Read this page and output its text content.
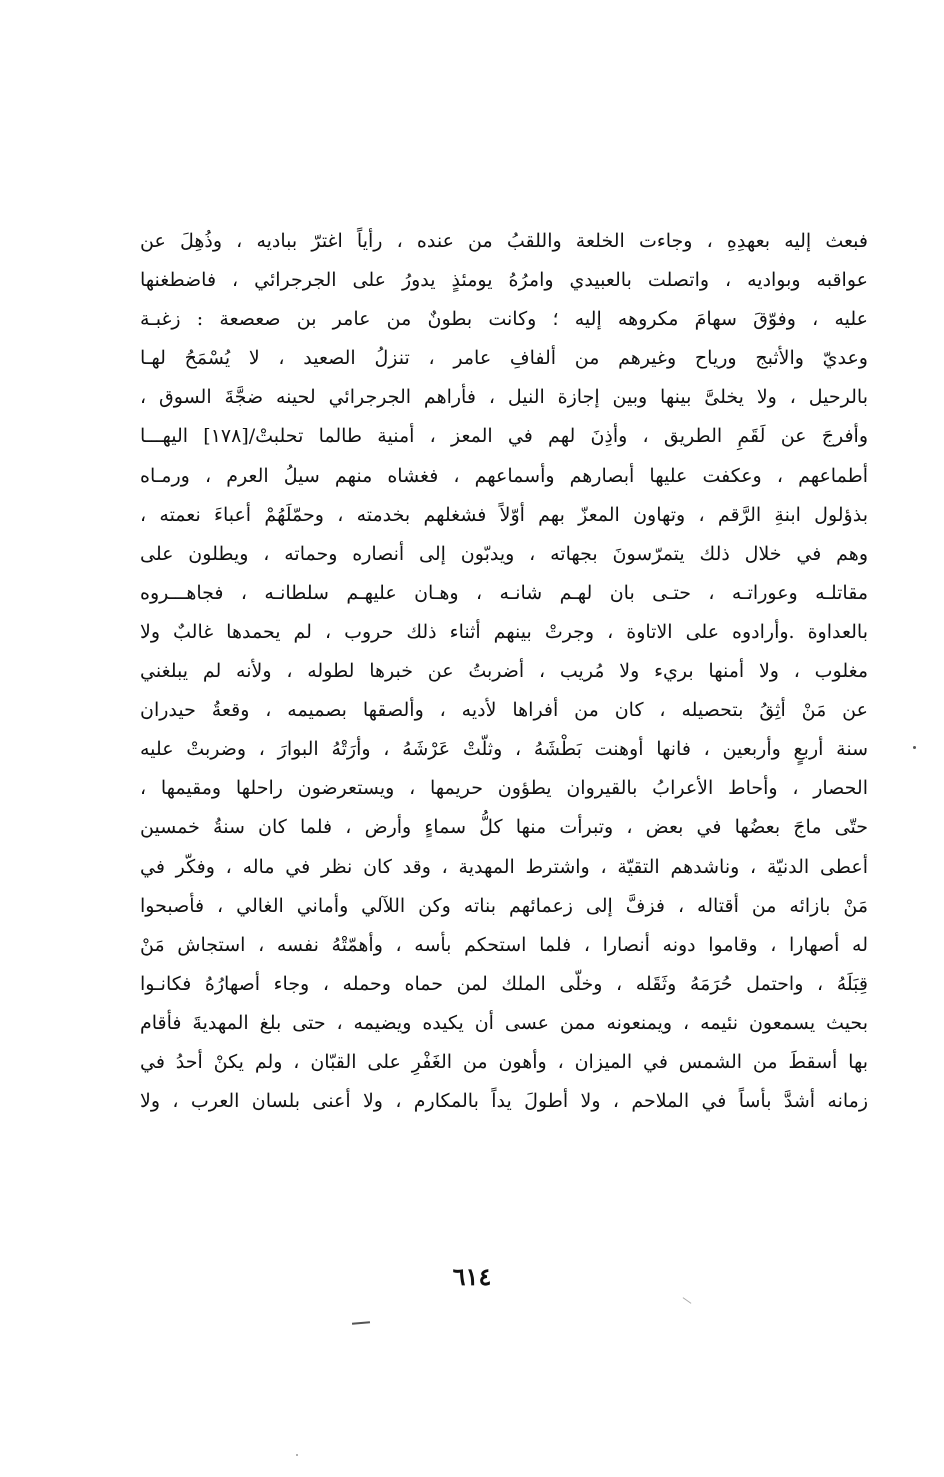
فبعث إليه بعهدِهِ ، وجاءت الخلعة واللقبُ من عنده ، رأياً اغترّ ببادیه ، وذُهِلَ عن
عواقبه وبوادیه ، واتصلت بالعبیدي وامرُهُ یومئذٍ یدورُ علی الجرجرائي ، فاضطغنها
علیه ، وفوّقَ سهامَ مكروهه إلیه ؛ وكانت بطونٌ من عامر بن صعصعة : زغبـة
وعديّ والأثبج ورياح وغيرهم من ألفافِ عامر ، تنزلُ الصعید ، لا یُسْمَحُ لهـا
بالرحیل ، ولا یخلیَّ بینها وبین إجازة النیل ، فأراهم الجرجرائي لحینه ضجَّةَ السوق ،
وأفرجَ عن لَقَمِ الطریق ، وأذِنَ لهم في المعز ، أمنیة طالما تحلبتْ/[۱۷۸] الیهـــا
أطماعهم ، وعكفت علیها أبصارهم وأسماعهم ، فغشاه منهم سیلُ العرم ، ورمـاه
بذؤلول ابنةِ الرَّقم ، وتهاون المعزّ بهم أوّلاً فشغلهم بخدمته ، وحمّلَهُمْ أعباءَ نعمته ،
وهم في خلال ذلك یتمرّسونَ بجهاته ، ویدبّون إلی أنصاره وحماته ، ویطلون علی
مقاتلـه وعوراتـه ، حتـی بان لهـم شانـه ، وهـان علیهـم سلطانـه ، فجاهـــروه
بالعداوة .وأرادوه علی الاتاوة ، وجرتْ بینهم أثناء ذلك حروب ، لم یحمدها غالبٌ ولا
مغلوب ، ولا أمنها بريء ولا مُریب ، أضربتُ عن خبرها لطوله ، ولأنه لم یبلغني
عن مَنْ أثِقُ بتحصیله ، كان من أفراها لأدیه ، وألصقها بصمیمه ، وقعةُ حیدران
سنة أربعٍ وأربعین ، فانها أوهنت بَطْشَهُ ، وثلّتْ عَرْشَهُ ، وأرَتْهُ البوارَ ، وضربتْ علیه
الحصار ، وأحاط الأعرابُ بالقیروان یطؤون حریمها ، ویستعرضون راحلها ومقیمها ،
حتّی ماجَ بعضُها في بعض ، وتبرأت منها كلُّ سماءٍ وأرض ، فلما كان سنةُ خمسین
أعطی الدنیّة ، وناشدهم التقیّة ، واشترط المهدیة ، وقد كان نظر في ماله ، وفكّر في
مَنْ بازائه من أقتاله ، فزفَّ إلی زعمائهم بناته وكن اللآلي وأماني الغالي ، فأصبحوا
له أصهارا ، وقاموا دونه أنصارا ، فلما استحكم بأسه ، وأهمّتْهُ نفسه ، استجاش مَنْ
قِبَلَهُ ، واحتمل حُرَمَهُ وثَقَله ، وخلّی الملك لمن حماه وحمله ، وجاء أصهارُهُ فكانـوا
بحیث یسمعون نئیمه ، ویمنعونه ممن عسی أن یكیده ویضیمه ، حتی بلغ المهدیةَ فأقام
بها أسقطَ من الشمس في المیزان ، وأهون من الغَفْرِ علی القبّان ، ولم یكنْ أحدُ في
زمانه أشدَّ بأساً في الملاحم ، ولا أطولَ یداً بالمكارم ، ولا أعنی بلسان العرب ، ولا
٦١٤
